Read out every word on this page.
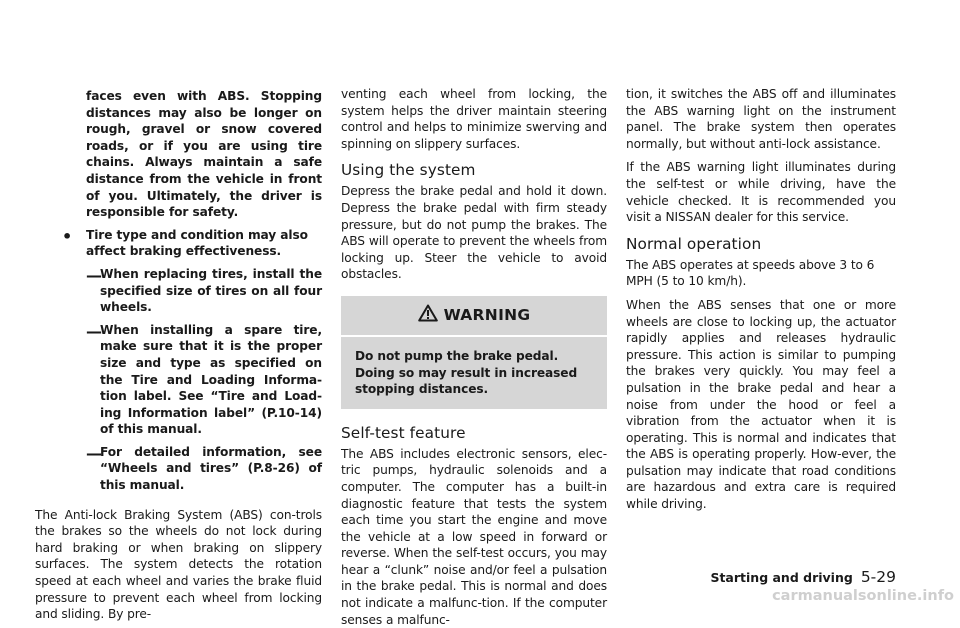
faces even with ABS. Stopping distances may also be longer on rough, gravel or snow covered roads, or if you are using tire chains. Always maintain a safe distance from the vehicle in front of you. Ultimately, the driver is responsible for safety.

• Tire type and condition may also affect braking effectiveness.

—

When replacing tires, install the specified size of tires on all four wheels.

—

When installing a spare tire, make sure that it is the proper size and type as specified on the Tire and Loading Informa-tion label. See “Tire and Load-ing Information label” (P.10-14) of this manual.

—

For detailed information, see “Wheels and tires” (P.8-26) of this manual.

The Anti-lock Braking System (ABS) con-trols the brakes so the wheels do not lock during hard braking or when braking on slippery surfaces. The system detects the rotation speed at each wheel and varies the brake fluid pressure to prevent each wheel from locking and sliding. By pre-

venting each wheel from locking, the system helps the driver maintain steering control and helps to minimize swerving and spinning on slippery surfaces.

Using the system

Depress the brake pedal and hold it down. Depress the brake pedal with firm steady pressure, but do not pump the brakes. The ABS will operate to prevent the wheels from locking up. Steer the vehicle to avoid obstacles.

WARNING

Do not pump the brake pedal. Doing so may result in increased stopping distances.

Self-test feature

The ABS includes electronic sensors, elec-tric pumps, hydraulic solenoids and a computer. The computer has a built-in diagnostic feature that tests the system each time you start the engine and move the vehicle at a low speed in forward or reverse. When the self-test occurs, you may hear a “clunk” noise and/or feel a pulsation in the brake pedal. This is normal and does not indicate a malfunc-tion. If the computer senses a malfunc-

tion, it switches the ABS off and illuminates the ABS warning light on the instrument panel. The brake system then operates normally, but without anti-lock assistance.

If the ABS warning light illuminates during the self-test or while driving, have the vehicle checked. It is recommended you visit a NISSAN dealer for this service.

Normal operation

The ABS operates at speeds above 3 to 6 MPH (5 to 10 km/h).

When the ABS senses that one or more wheels are close to locking up, the actuator rapidly applies and releases hydraulic pressure. This action is similar to pumping the brakes very quickly. You may feel a pulsation in the brake pedal and hear a noise from under the hood or feel a vibration from the actuator when it is operating. This is normal and indicates that the ABS is operating properly. How-ever, the pulsation may indicate that road conditions are hazardous and extra care is required while driving.

Starting and driving 5-29
carmanualsonline.info
